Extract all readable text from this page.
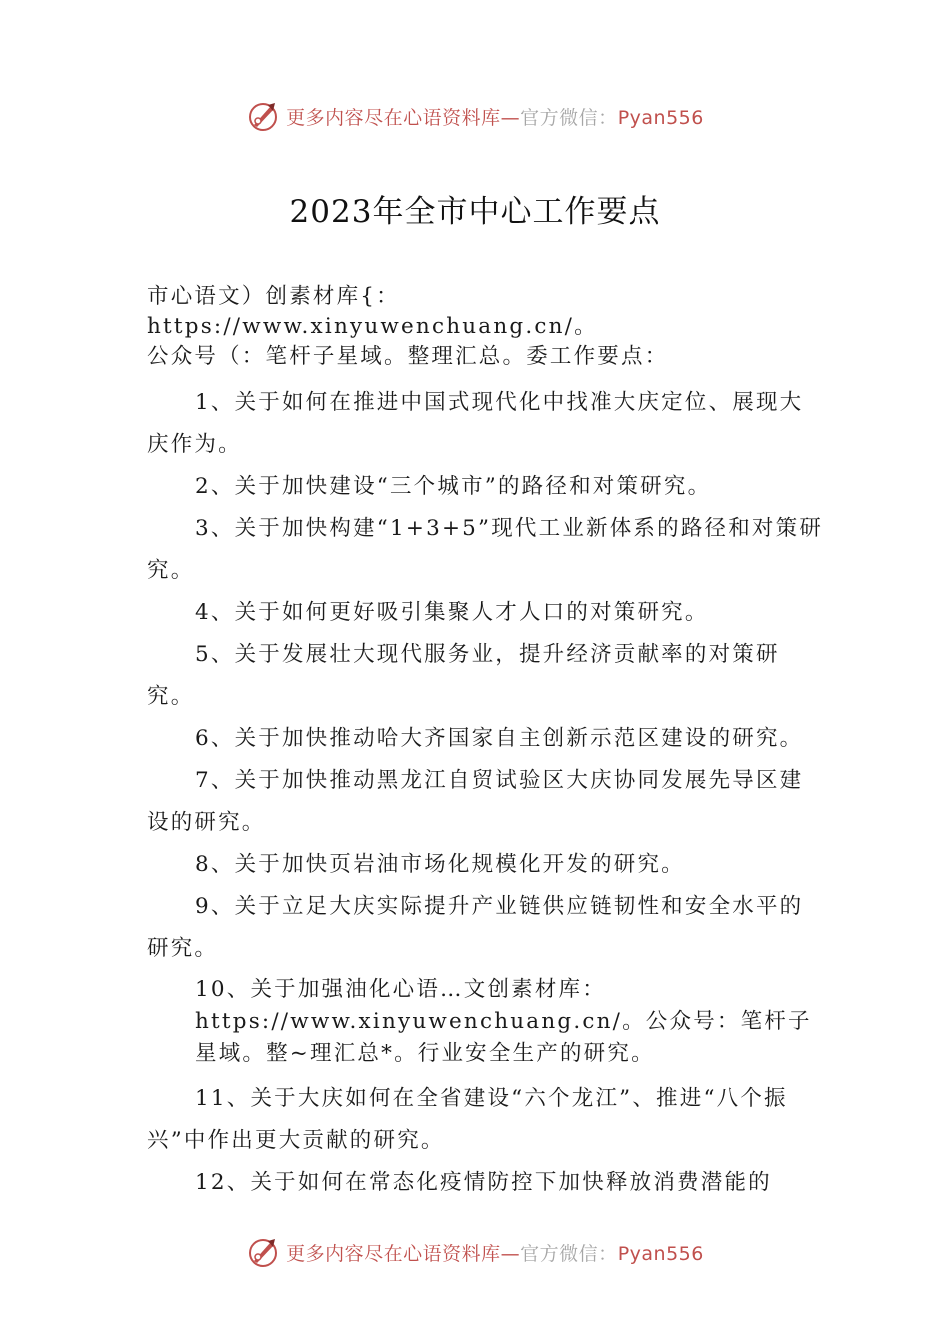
更多内容尽在心语资料库—官方微信：Pyan556
2023年全市中心工作要点

市心语文）创素材库{：https://www.xinyuwenchuang.cn/。
公众号（：笔杆子星域。整理汇总。委工作要点：

1、关于如何在推进中国式现代化中找准大庆定位、展现大庆作为。

2、关于加快建设“三个城市”的路径和对策研究。

3、关于加快构建“1+3+5”现代工业新体系的路径和对策研究。

4、关于如何更好吸引集聚人才人口的对策研究。

5、关于发展壮大现代服务业，提升经济贡献率的对策研究。

6、关于加快推动哈大齐国家自主创新示范区建设的研究。

7、关于加快推动黑龙江自贸试验区大庆协同发展先导区建设的研究。

8、关于加快页岩油市场化规模化开发的研究。

9、关于立足大庆实际提升产业链供应链韧性和安全水平的研究。

10、关于加强油化心语…文创素材库：https://www.xinyuwenchuang.cn/。公众号：笔杆子星域。整~理汇总*。行业安全生产的研究。

11、关于大庆如何在全省建设“六个龙江”、推进“八个振兴”中作出更大贡献的研究。

12、关于如何在常态化疫情防控下加快释放消费潜能的

更多内容尽在心语资料库—官方微信：Pyan556
